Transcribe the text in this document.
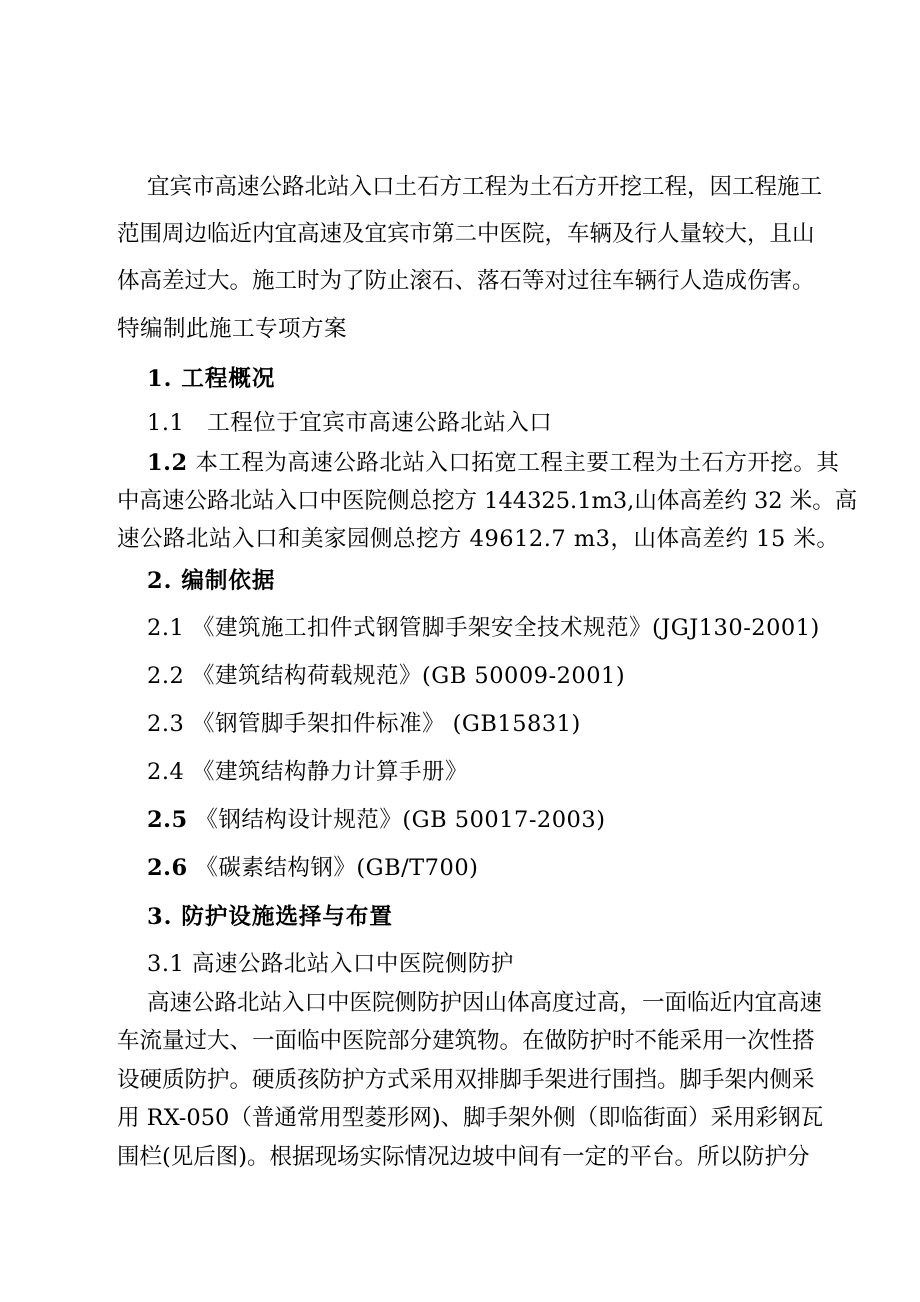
宜宾市高速公路北站入口土石方工程为土石方开挖工程，因工程施工
范围周边临近内宜高速及宜宾市第二中医院，车辆及行人量较大，且山
体高差过大。施工时为了防止滚石、落石等对过往车辆行人造成伤害。
特编制此施工专项方案
1. 工程概况
1.1 工程位于宜宾市高速公路北站入口
1.2 本工程为高速公路北站入口拓宽工程主要工程为土石方开挖。其
中高速公路北站入口中医院侧总挖方 144325.1m3,山体高差约 32 米。高
速公路北站入口和美家园侧总挖方 49612.7 m3，山体高差约 15 米。
2. 编制依据
2.1 《建筑施工扣件式钢管脚手架安全技术规范》(JGJ130-2001)
2.2 《建筑结构荷载规范》(GB 50009-2001)
2.3 《钢管脚手架扣件标准》 (GB15831)
2.4 《建筑结构静力计算手册》
2.5 《钢结构设计规范》(GB 50017-2003)
2.6 《碳素结构钢》(GB/T700)
3. 防护设施选择与布置
3.1 高速公路北站入口中医院侧防护
高速公路北站入口中医院侧防护因山体高度过高，一面临近内宜高速
车流量过大、一面临中医院部分建筑物。在做防护时不能采用一次性搭
设硬质防护。硬质孩防护方式采用双排脚手架进行围挡。脚手架内侧采
用 RX-050（普通常用型菱形网)、脚手架外侧（即临街面）采用彩钢瓦
围栏(见后图)。根据现场实际情况边坡中间有一定的平台。所以防护分
